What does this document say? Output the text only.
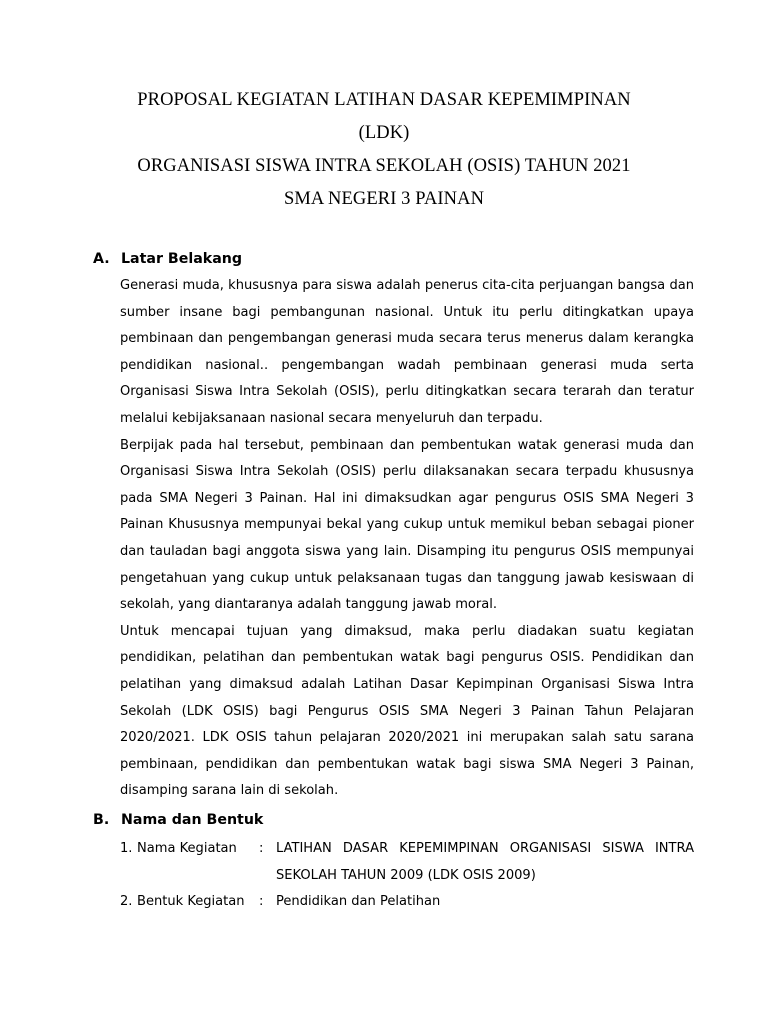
PROPOSAL KEGIATAN LATIHAN DASAR KEPEMIMPINAN
(LDK)
ORGANISASI SISWA INTRA SEKOLAH (OSIS) TAHUN 2021
SMA NEGERI 3 PAINAN
A. Latar Belakang

Generasi muda, khususnya para siswa adalah penerus cita-cita perjuangan bangsa dan sumber insane bagi pembangunan nasional. Untuk itu perlu ditingkatkan upaya pembinaan dan pengembangan generasi muda secara terus menerus dalam kerangka pendidikan nasional.. pengembangan wadah pembinaan generasi muda serta Organisasi Siswa Intra Sekolah (OSIS), perlu ditingkatkan secara terarah dan teratur melalui kebijaksanaan nasional secara menyeluruh dan terpadu.

Berpijak pada hal tersebut, pembinaan dan pembentukan watak generasi muda dan Organisasi Siswa Intra Sekolah (OSIS) perlu dilaksanakan secara terpadu khususnya pada SMA Negeri 3 Painan. Hal ini dimaksudkan agar pengurus OSIS SMA Negeri 3 Painan Khususnya mempunyai bekal yang cukup untuk memikul beban sebagai pioner dan tauladan bagi anggota siswa yang lain. Disamping itu pengurus OSIS mempunyai pengetahuan yang cukup untuk pelaksanaan tugas dan tanggung jawab kesiswaan di sekolah, yang diantaranya adalah tanggung jawab moral.

Untuk mencapai tujuan yang dimaksud, maka perlu diadakan suatu kegiatan pendidikan, pelatihan dan pembentukan watak bagi pengurus OSIS. Pendidikan dan pelatihan yang dimaksud adalah Latihan Dasar Kepimpinan Organisasi Siswa Intra Sekolah (LDK OSIS) bagi Pengurus OSIS SMA Negeri 3 Painan Tahun Pelajaran 2020/2021. LDK OSIS tahun pelajaran 2020/2021 ini merupakan salah satu sarana pembinaan, pendidikan dan pembentukan watak bagi siswa SMA Negeri 3 Painan, disamping sarana lain di sekolah.

B. Nama dan Bentuk
1. Nama Kegiatan	: LATIHAN DASAR KEPEMIMPINAN ORGANISASI SISWA INTRA SEKOLAH TAHUN 2009 (LDK OSIS 2009)
2. Bentuk Kegiatan	: Pendidikan dan Pelatihan
